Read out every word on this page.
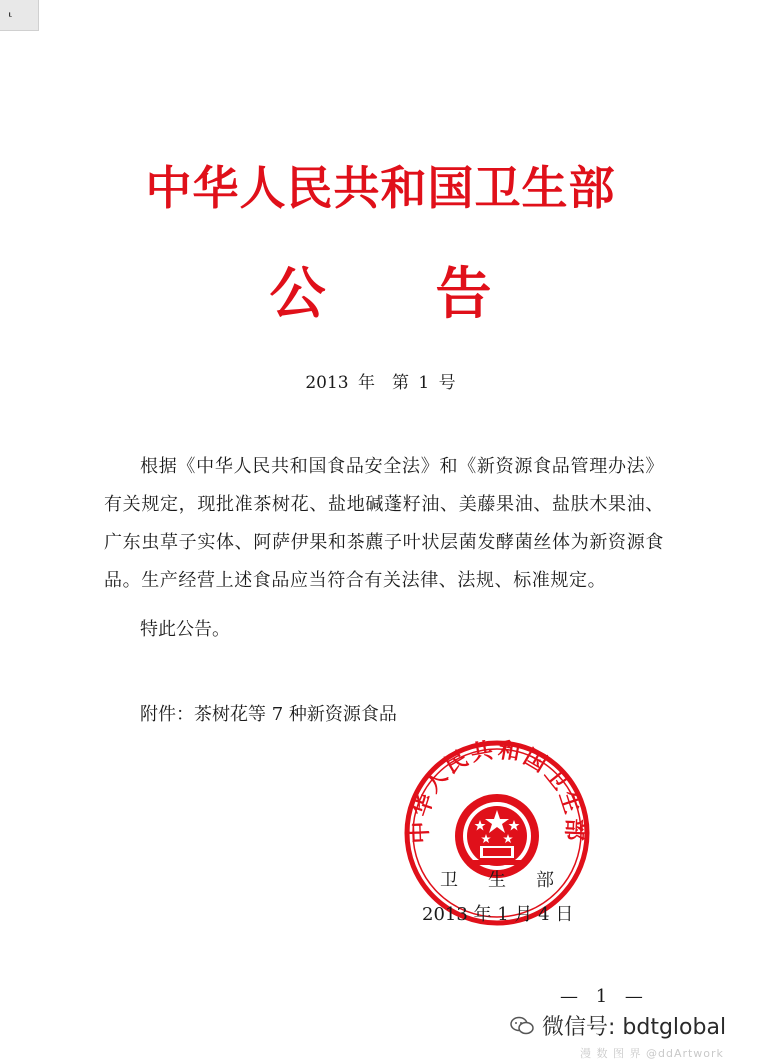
⸤
中华人民共和国卫生部
公告
2013 年　第 1 号
根据《中华人民共和国食品安全法》和《新资源食品管理办法》有关规定，现批准茶树花、盐地碱蓬籽油、美藤果油、盐肤木果油、广东虫草子实体、阿萨伊果和茶藨子叶状层菌发酵菌丝体为新资源食品。生产经营上述食品应当符合有关法律、法规、标准规定。
特此公告。
附件：茶树花等 7 种新资源食品
中华人民共和国卫生部
卫生部
2013 年 1 月 4 日
— 1 —
微信号: bdtglobal
漫 数 图 界 @ddArtwork
